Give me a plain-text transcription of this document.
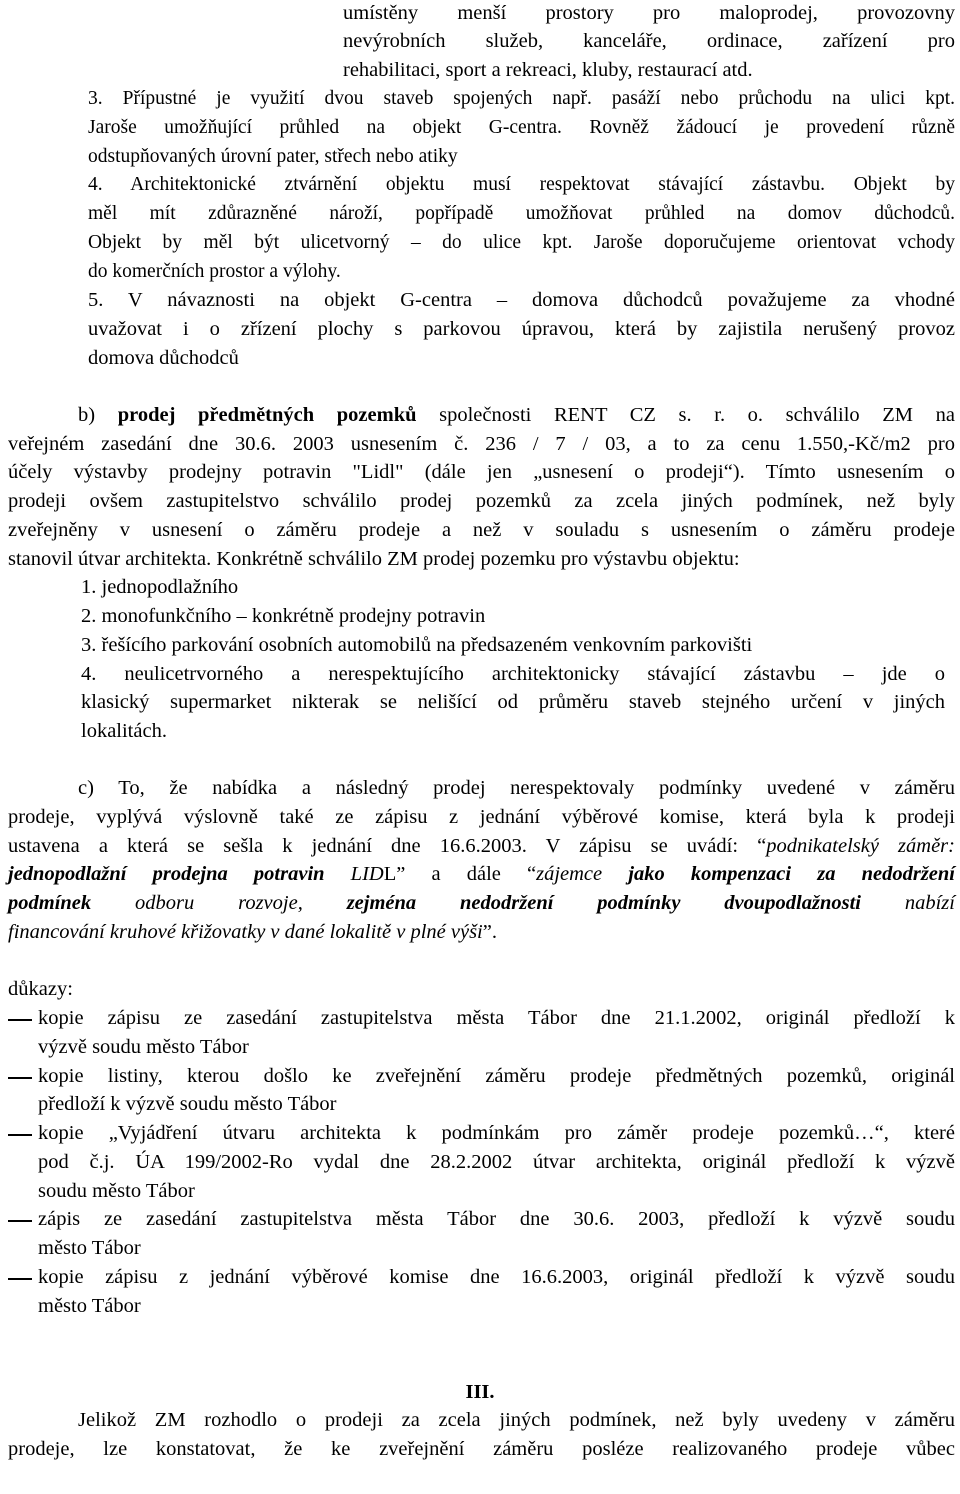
umístěny menší prostory pro maloprodej, provozovny
nevýrobních služeb, kanceláře, ordinace, zařízení pro
rehabilitaci, sport a rekreaci, kluby, restaurací atd.
3. Přípustné je využití dvou staveb spojených např. pasáží nebo průchodu na ulici kpt.
Jaroše umožňující průhled na objekt G-centra. Rovněž žádoucí je provedení různě
odstupňovaných úrovní pater, střech nebo atiky
4. Architektonické ztvárnění objektu musí respektovat stávající zástavbu. Objekt by
měl mít zdůrazněné nároží, popřípadě umožňovat průhled na domov důchodců.
Objekt by měl být ulicetvorný – do ulice kpt. Jaroše doporučujeme orientovat vchody
do komerčních prostor a výlohy.
5. V návaznosti na objekt G-centra – domova důchodců považujeme za vhodné
uvažovat i o zřízení plochy s parkovou úpravou, která by zajistila nerušený provoz
domova důchodců
b) prodej předmětných pozemků společnosti RENT CZ s. r. o. schválilo ZM na
veřejném zasedání dne 30.6. 2003 usnesením č. 236 / 7 / 03, a to za cenu 1.550,-Kč/m2 pro
účely výstavby prodejny potravin "Lidl" (dále jen „usnesení o prodeji“). Tímto usnesením o
prodeji ovšem zastupitelstvo schválilo prodej pozemků za zcela jiných podmínek, než byly
zveřejněny v usnesení o záměru prodeje a než v souladu s usnesením o záměru prodeje
stanovil útvar architekta. Konkrétně schválilo ZM prodej pozemku pro výstavbu objektu:
1. jednopodlažního
2. monofunkčního – konkrétně prodejny potravin
3. řešícího parkování osobních automobilů na předsazeném venkovním parkovišti
4. neulicetrvorného a nerespektujícího architektonicky stávající zástavbu – jde o
klasický supermarket nikterak se nelišící od průměru staveb stejného určení v jiných
lokalitách.
c) To, že nabídka a následný prodej nerespektovaly podmínky uvedené v záměru
prodeje, vyplývá výslovně také ze zápisu z jednání výběrové komise, která byla k prodeji
ustavena a která se sešla k jednání dne 16.6.2003. V zápisu se uvádí: “podnikatelský záměr:
jednopodlažní prodejna potravin LIDL” a dále “zájemce jako kompenzaci za nedodržení
podmínek odboru rozvoje, zejména nedodržení podmínky dvoupodlažnosti nabízí
financování kruhové křižovatky v dané lokalitě v plné výši”.
důkazy:
kopie zápisu ze zasedání zastupitelstva města Tábor dne 21.1.2002, originál předloží k
výzvě soudu město Tábor
kopie listiny, kterou došlo ke zveřejnění záměru prodeje předmětných pozemků, originál
předloží k výzvě soudu město Tábor
kopie „Vyjádření útvaru architekta k podmínkám pro záměr prodeje pozemků…“, které
pod č.j. ÚA 199/2002-Ro vydal dne 28.2.2002 útvar architekta, originál předloží k výzvě
soudu město Tábor
zápis ze zasedání zastupitelstva města Tábor dne 30.6. 2003, předloží k výzvě soudu
město Tábor
kopie zápisu z jednání výběrové komise dne 16.6.2003, originál předloží k výzvě soudu
město Tábor
III.
Jelikož ZM rozhodlo o prodeji za zcela jiných podmínek, než byly uvedeny v záměru
prodeje, lze konstatovat, že ke zveřejnění záměru posléze realizovaného prodeje vůbec
